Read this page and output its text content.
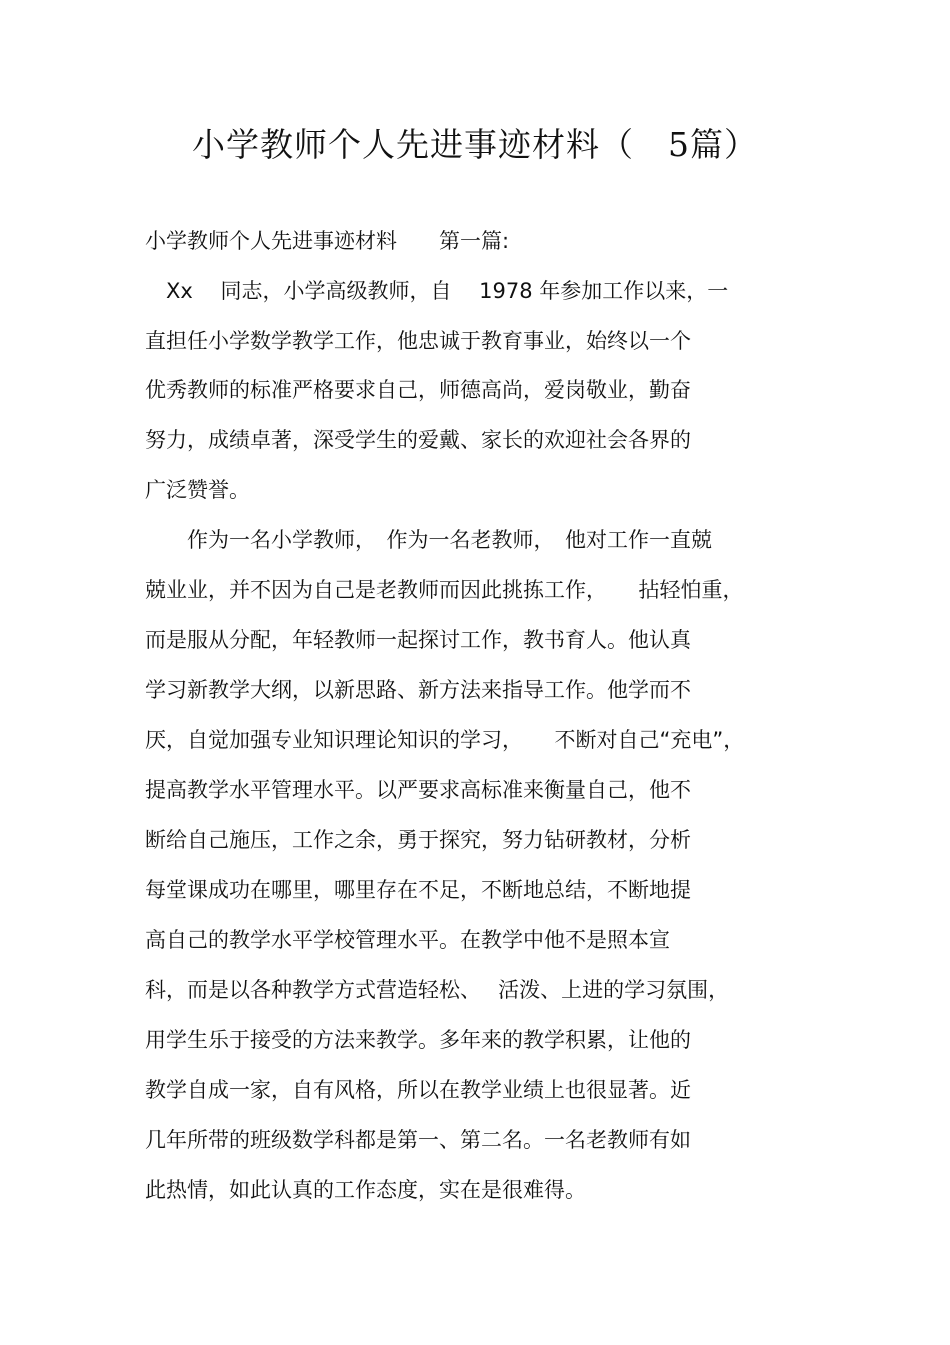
小学教师个人先进事迹材料（　5篇）
小学教师个人先进事迹材料　　第一篇:
　Xx 　同志，小学高级教师，自　 1978 年参加工作以来，一
直担任小学数学教学工作，他忠诚于教育事业，始终以一个
优秀教师的标准严格要求自己，师德高尚，爱岗敬业，勤奋
努力，成绩卓著，深受学生的爱戴、家长的欢迎社会各界的
广泛赞誉。
　　作为一名小学教师，　作为一名老教师，　他对工作一直兢
兢业业，并不因为自己是老教师而因此挑拣工作，　　拈轻怕重，
而是服从分配，年轻教师一起探讨工作，教书育人。他认真
学习新教学大纲，以新思路、新方法来指导工作。他学而不
厌，自觉加强专业知识理论知识的学习，　　不断对自己“充电”，
提高教学水平管理水平。以严要求高标准来衡量自己，他不
断给自己施压，工作之余，勇于探究，努力钻研教材，分析
每堂课成功在哪里，哪里存在不足，不断地总结，不断地提
高自己的教学水平学校管理水平。在教学中他不是照本宣
科，而是以各种教学方式营造轻松、　 活泼、上进的学习氛围，
用学生乐于接受的方法来教学。多年来的教学积累，让他的
教学自成一家，自有风格，所以在教学业绩上也很显著。近
几年所带的班级数学科都是第一、第二名。一名老教师有如
此热情，如此认真的工作态度，实在是很难得。
